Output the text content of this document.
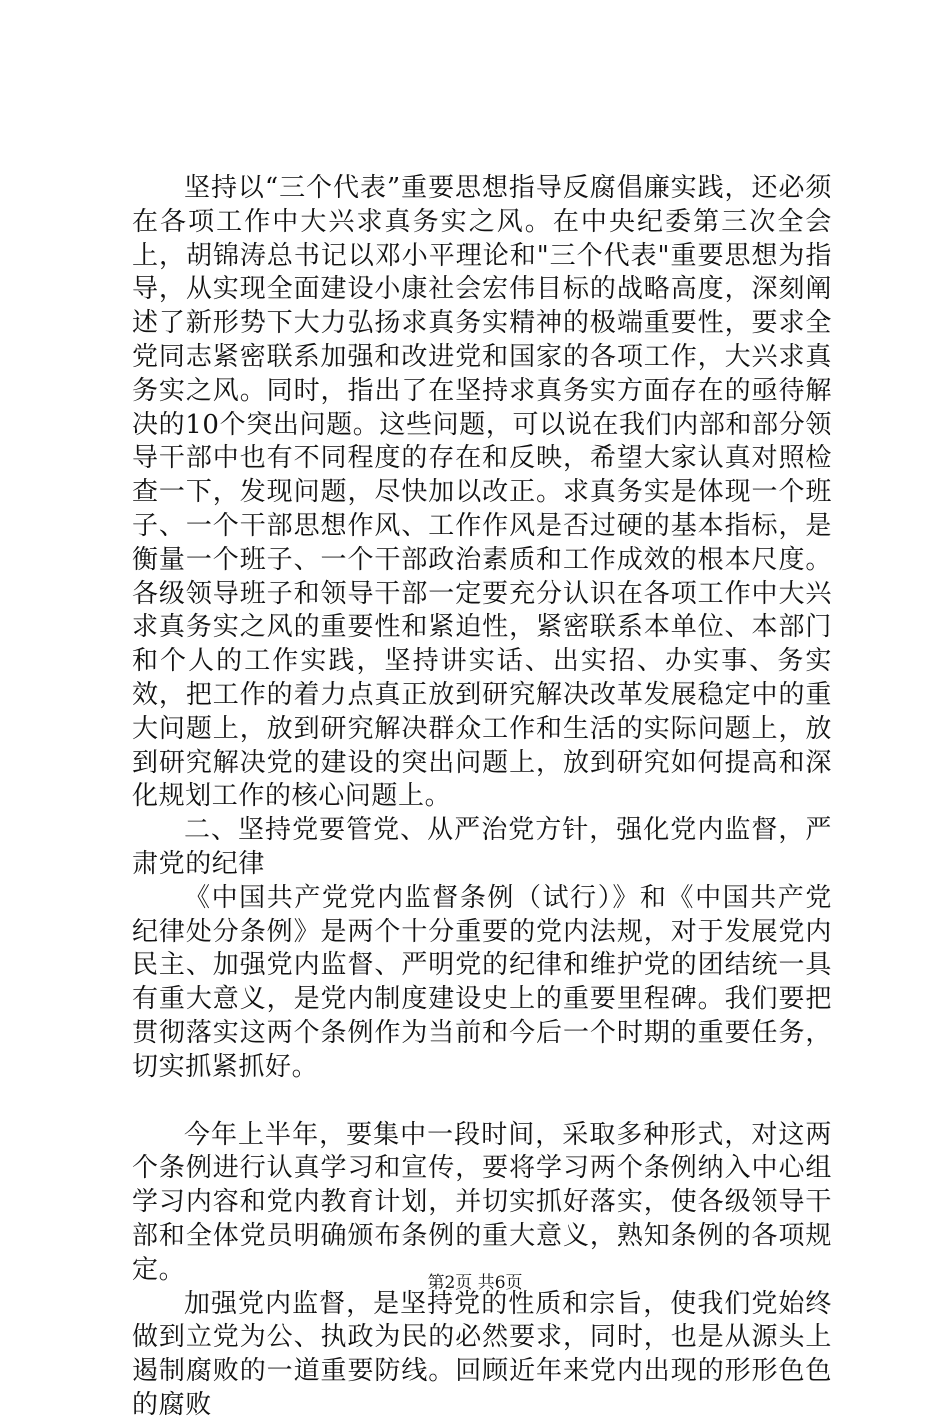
坚持以“三个代表”重要思想指导反腐倡廉实践，还必须在各项工作中大兴求真务实之风。在中央纪委第三次全会上，胡锦涛总书记以邓小平理论和"三个代表"重要思想为指导，从实现全面建设小康社会宏伟目标的战略高度，深刻阐述了新形势下大力弘扬求真务实精神的极端重要性，要求全党同志紧密联系加强和改进党和国家的各项工作，大兴求真务实之风。同时，指出了在坚持求真务实方面存在的亟待解决的10个突出问题。这些问题，可以说在我们内部和部分领导干部中也有不同程度的存在和反映，希望大家认真对照检查一下，发现问题，尽快加以改正。求真务实是体现一个班子、一个干部思想作风、工作作风是否过硬的基本指标，是衡量一个班子、一个干部政治素质和工作成效的根本尺度。各级领导班子和领导干部一定要充分认识在各项工作中大兴求真务实之风的重要性和紧迫性，紧密联系本单位、本部门和个人的工作实践，坚持讲实话、出实招、办实事、务实效，把工作的着力点真正放到研究解决改革发展稳定中的重大问题上，放到研究解决群众工作和生活的实际问题上，放到研究解决党的建设的突出问题上，放到研究如何提高和深化规划工作的核心问题上。

二、坚持党要管党、从严治党方针，强化党内监督，严肃党的纪律

《中国共产党党内监督条例（试行）》和《中国共产党纪律处分条例》是两个十分重要的党内法规，对于发展党内民主、加强党内监督、严明党的纪律和维护党的团结统一具有重大意义，是党内制度建设史上的重要里程碑。我们要把贯彻落实这两个条例作为当前和今后一个时期的重要任务，切实抓紧抓好。

今年上半年，要集中一段时间，采取多种形式，对这两个条例进行认真学习和宣传，要将学习两个条例纳入中心组学习内容和党内教育计划，并切实抓好落实，使各级领导干部和全体党员明确颁布条例的重大意义，熟知条例的各项规定。

加强党内监督，是坚持党的性质和宗旨，使我们党始终做到立党为公、执政为民的必然要求，同时，也是从源头上遏制腐败的一道重要防线。回顾近年来党内出现的形形色色的腐败

第2页 共6页
